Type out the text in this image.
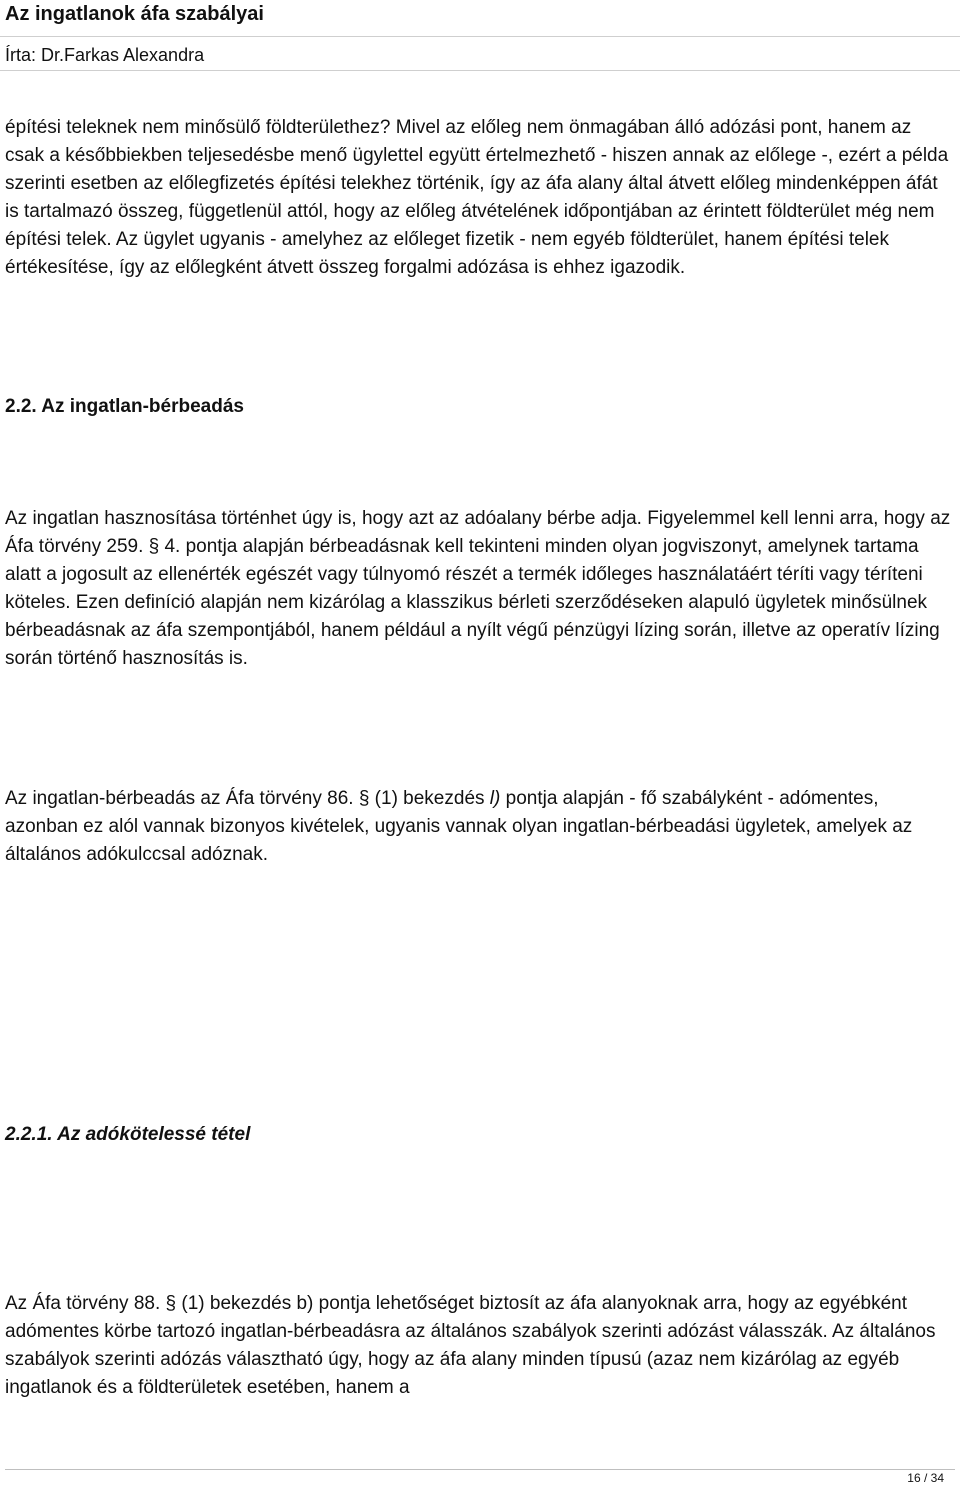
Az ingatlanok áfa szabályai
Írta: Dr.Farkas Alexandra

építési teleknek nem minősülő földterülethez? Mivel az előleg nem önmagában álló adózási pont, hanem az csak a későbbiekben teljesedésbe menő ügylettel együtt értelmezhető - hiszen annak az előlege -, ezért a példa szerinti esetben az előlegfizetés építési telekhez történik, így az áfa alany által átvett előleg mindenképpen áfát is tartalmazó összeg, függetlenül attól, hogy az előleg átvételének időpontjában az érintett földterület még nem építési telek. Az ügylet ugyanis - amelyhez az előleget fizetik - nem egyéb földterület, hanem építési telek értékesítése, így az előlegként átvett összeg forgalmi adózása is ehhez igazodik.

2.2. Az ingatlan-bérbeadás

Az ingatlan hasznosítása történhet úgy is, hogy azt az adóalany bérbe adja. Figyelemmel kell lenni arra, hogy az Áfa törvény 259. § 4. pontja alapján bérbeadásnak kell tekinteni minden olyan jogviszonyt, amelynek tartama alatt a jogosult az ellenérték egészét vagy túlnyomó részét a termék időleges használatáért téríti vagy téríteni köteles. Ezen definíció alapján nem kizárólag a klasszikus bérleti szerződéseken alapuló ügyletek minősülnek bérbeadásnak az áfa szempontjából, hanem például a nyílt végű pénzügyi lízing során, illetve az operatív lízing során történő hasznosítás is.

Az ingatlan-bérbeadás az Áfa törvény 86. § (1) bekezdés l) pontja alapján - fő szabályként - adómentes, azonban ez alól vannak bizonyos kivételek, ugyanis vannak olyan ingatlan-bérbeadási ügyletek, amelyek az általános adókulccsal adóznak.

2.2.1. Az adókötelessé tétel

Az Áfa törvény 88. § (1) bekezdés b) pontja lehetőséget biztosít az áfa alanyoknak arra, hogy az egyébként adómentes körbe tartozó ingatlan-bérbeadásra az általános szabályok szerinti adózást válasszák. Az általános szabályok szerinti adózás választható úgy, hogy az áfa alany minden típusú (azaz nem kizárólag az egyéb ingatlanok és a földterületek esetében, hanem a

16 / 34
